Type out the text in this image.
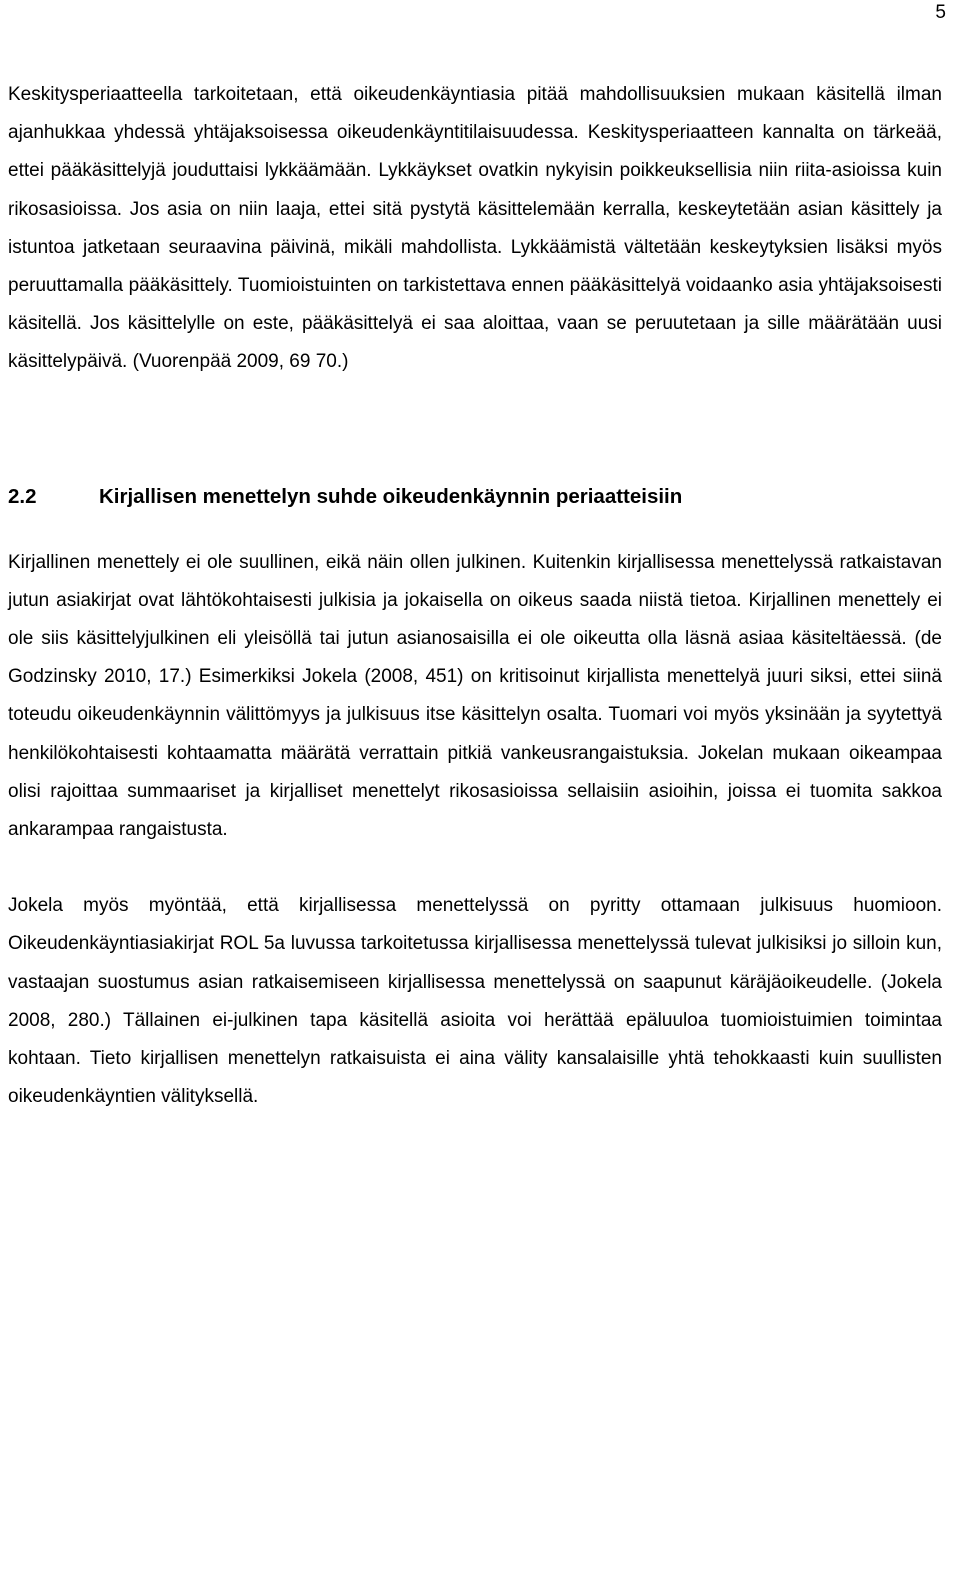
5

Keskitysperiaatteella tarkoitetaan, että oikeudenkäyntiasia pitää mahdollisuuksien mukaan käsitellä ilman ajanhukkaa yhdessä yhtäjaksoisessa oikeudenkäyntitilaisuudessa. Keskitysperiaatteen kannalta on tärkeää, ettei pääkäsittelyjä jouduttaisi lykkäämään. Lykkäykset ovatkin nykyisin poikkeuksellisia niin riita-asioissa kuin rikosasioissa. Jos asia on niin laaja, ettei sitä pystytä käsittelemään kerralla, keskeytetään asian käsittely ja istuntoa jatketaan seuraavina päivinä, mikäli mahdollista. Lykkäämistä vältetään keskeytyksien lisäksi myös peruuttamalla pääkäsittely. Tuomioistuinten on tarkistettava ennen pääkäsittelyä voidaanko asia yhtäjaksoisesti käsitellä. Jos käsittelylle on este, pääkäsittelyä ei saa aloittaa, vaan se peruutetaan ja sille määrätään uusi käsittelypäivä. (Vuorenpää 2009, 69 70.)

2.2	Kirjallisen menettelyn suhde oikeudenkäynnin periaatteisiin

Kirjallinen menettely ei ole suullinen, eikä näin ollen julkinen. Kuitenkin kirjallisessa menettelyssä ratkaistavan jutun asiakirjat ovat lähtökohtaisesti julkisia ja jokaisella on oikeus saada niistä tietoa. Kirjallinen menettely ei ole siis käsittelyjulkinen eli yleisöllä tai jutun asianosaisilla ei ole oikeutta olla läsnä asiaa käsiteltäessä. (de Godzinsky 2010, 17.) Esimerkiksi Jokela (2008, 451) on kritisoinut kirjallista menettelyä juuri siksi, ettei siinä toteudu oikeudenkäynnin välittömyys ja julkisuus itse käsittelyn osalta. Tuomari voi myös yksinään ja syytettyä henkilökohtaisesti kohtaamatta määrätä verrattain pitkiä vankeusrangaistuksia. Jokelan mukaan oikeampaa olisi rajoittaa summaariset ja kirjalliset menettelyt rikosasioissa sellaisiin asioihin, joissa ei tuomita sakkoa ankarampaa rangaistusta.

Jokela myös myöntää, että kirjallisessa menettelyssä on pyritty ottamaan julkisuus huomioon. Oikeudenkäyntiasiakirjat ROL 5a luvussa tarkoitetussa kirjallisessa menettelyssä tulevat julkisiksi jo silloin kun, vastaajan suostumus asian ratkaisemiseen kirjallisessa menettelyssä on saapunut käräjäoikeudelle. (Jokela 2008, 280.) Tällainen ei-julkinen tapa käsitellä asioita voi herättää epäluuloa tuomioistuimien toimintaa kohtaan. Tieto kirjallisen menettelyn ratkaisuista ei aina välity kansalaisille yhtä tehokkaasti kuin suullisten oikeudenkäyntien välityksellä.
